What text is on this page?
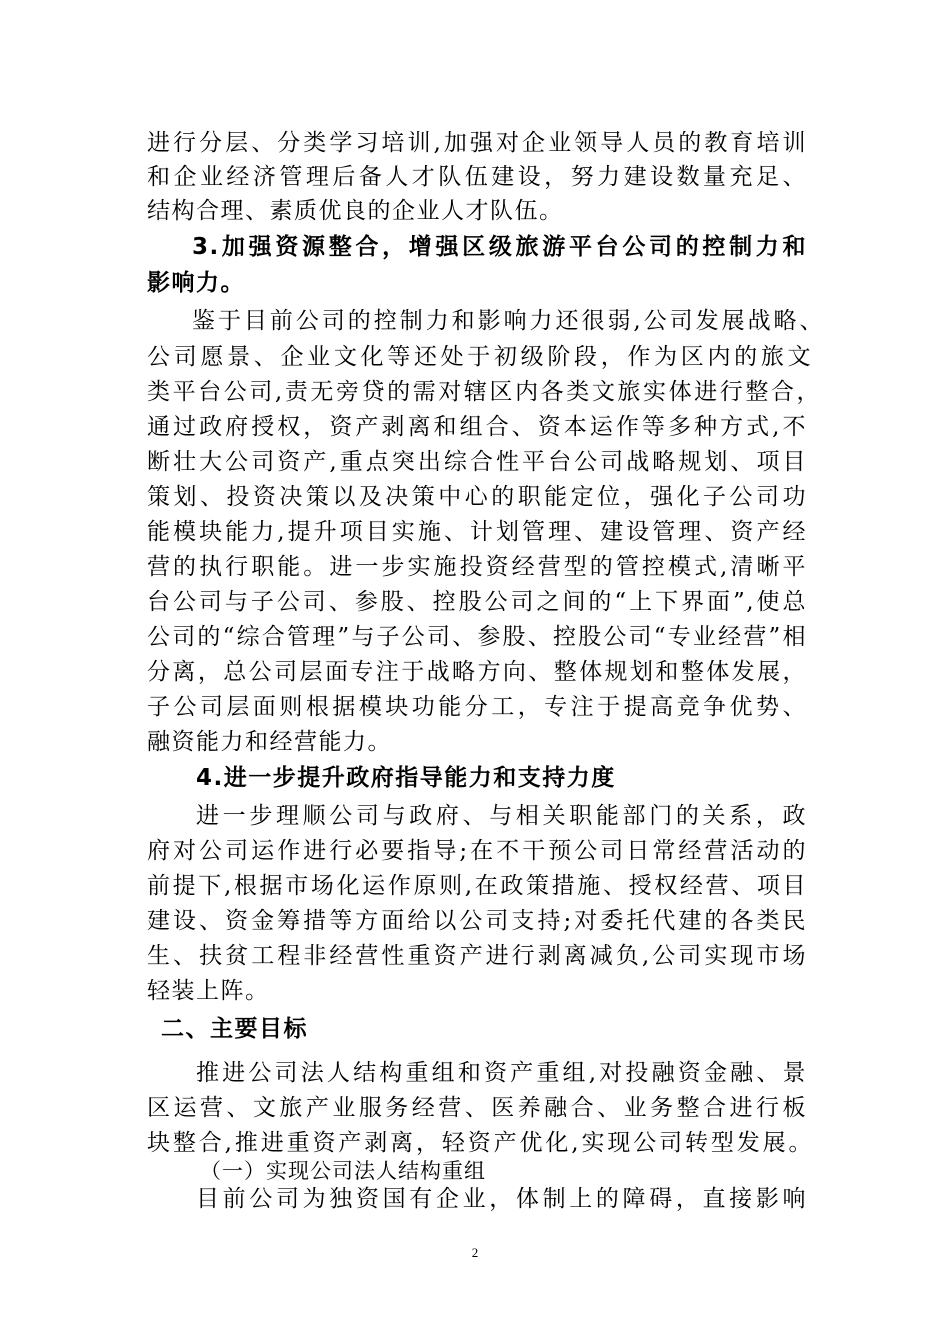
进行分层、分类学习培训,加强对企业领导人员的教育培训
和企业经济管理后备人才队伍建设，努力建设数量充足、
结构合理、素质优良的企业人才队伍。
3.加强资源整合，增强区级旅游平台公司的控制力和
影响力。
鉴于目前公司的控制力和影响力还很弱,公司发展战略、
公司愿景、企业文化等还处于初级阶段，作为区内的旅文
类平台公司,责无旁贷的需对辖区内各类文旅实体进行整合，
通过政府授权，资产剥离和组合、资本运作等多种方式,不
断壮大公司资产,重点突出综合性平台公司战略规划、项目
策划、投资决策以及决策中心的职能定位，强化子公司功
能模块能力,提升项目实施、计划管理、建设管理、资产经
营的执行职能。进一步实施投资经营型的管控模式,清晰平
台公司与子公司、参股、控股公司之间的“上下界面”,使总
公司的“综合管理”与子公司、参股、控股公司“专业经营”相
分离，总公司层面专注于战略方向、整体规划和整体发展，
子公司层面则根据模块功能分工，专注于提高竞争优势、
融资能力和经营能力。
4.进一步提升政府指导能力和支持力度
进一步理顺公司与政府、与相关职能部门的关系，政
府对公司运作进行必要指导;在不干预公司日常经营活动的
前提下,根据市场化运作原则,在政策措施、授权经营、项目
建设、资金筹措等方面给以公司支持;对委托代建的各类民
生、扶贫工程非经营性重资产进行剥离减负,公司实现市场
轻装上阵。
二、主要目标
推进公司法人结构重组和资产重组,对投融资金融、景
区运营、文旅产业服务经营、医养融合、业务整合进行板
块整合,推进重资产剥离，轻资产优化,实现公司转型发展。
（一）实现公司法人结构重组
目前公司为独资国有企业，体制上的障碍，直接影响
2
